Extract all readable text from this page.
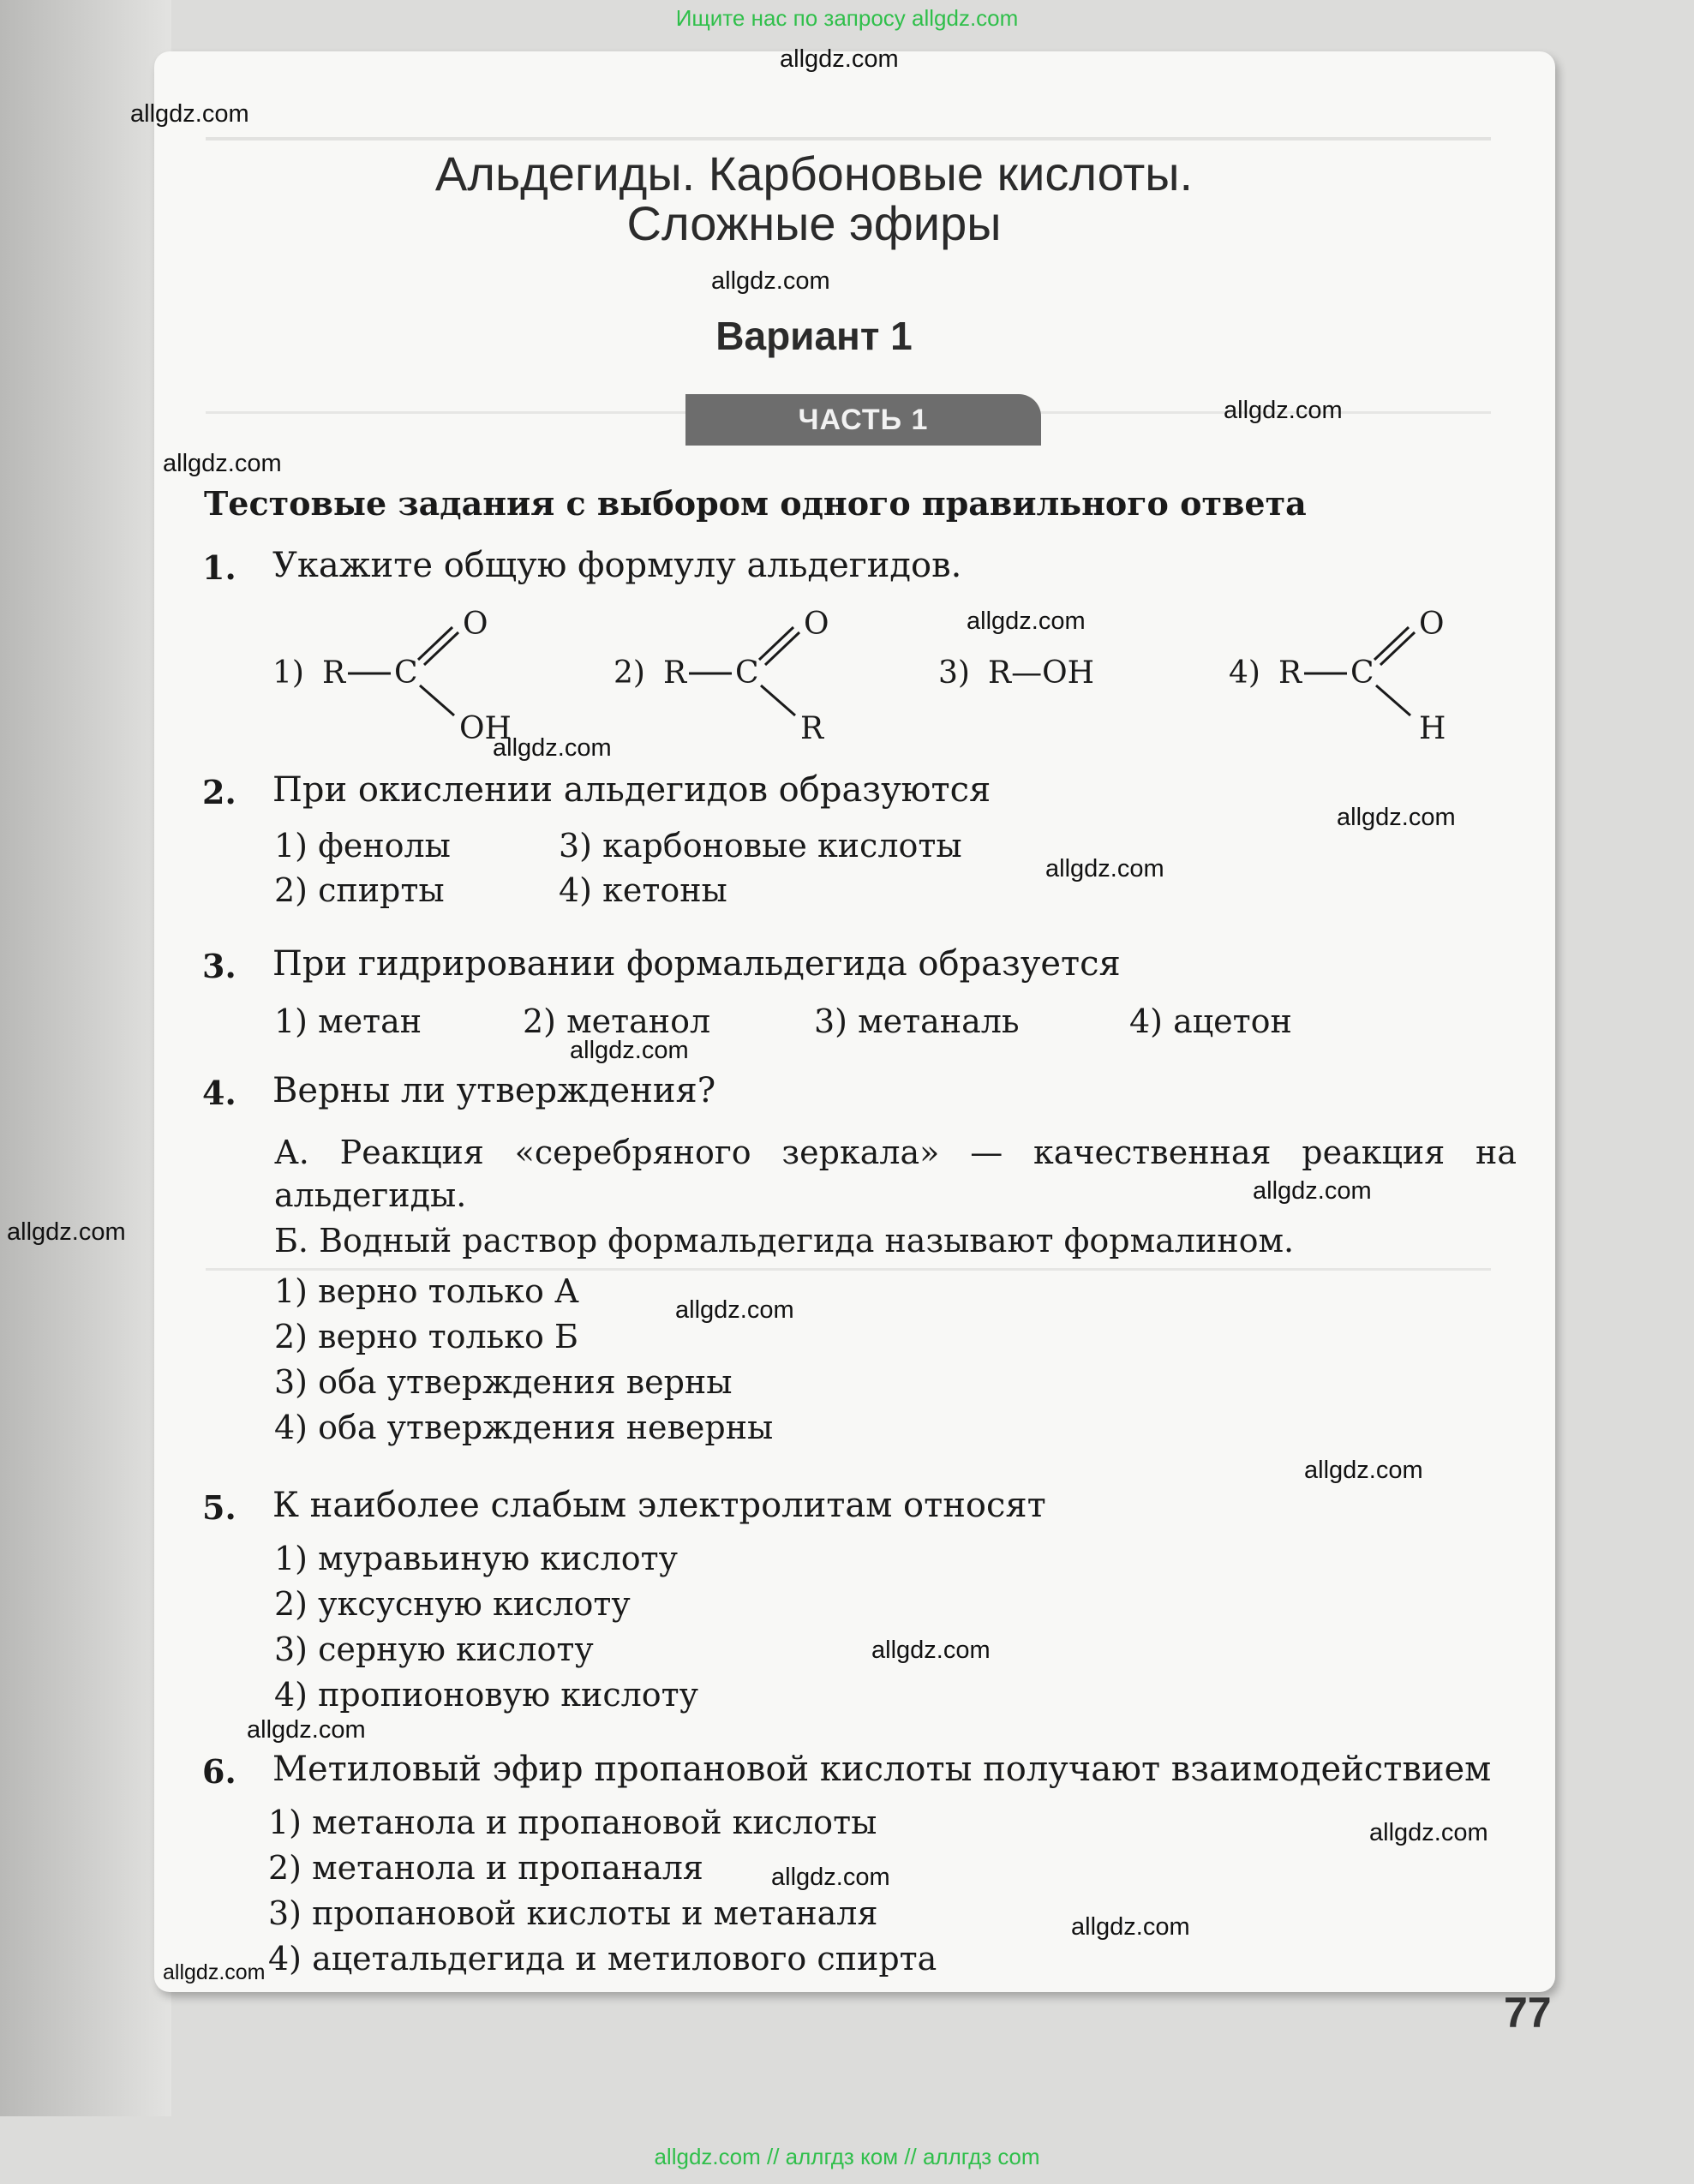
Ищите нас по запросу allgdz.com
Альдегиды. Карбоновые кислоты.
Сложные эфиры
Вариант 1
ЧАСТЬ 1
Тестовые задания с выбором одного правильного ответа
1. Укажите общую формулу альдегидов.
1) R C
O
OH
2) R C
O
R
3) R—OH	4) R C
O
H
2. При окислении альдегидов образуются
1) фенолы	3) карбоновые кислоты
2) спирты	4) кетоны
3. При гидрировании формальдегида образуется
1) метан	2) метанол	3) метаналь	4) ацетон
4. Верны ли утверждения?
А. Реакция «серебряного зеркала» — качественная реакция на
альдегиды.
Б. Водный раствор формальдегида называют формалином.
1) верно только А
2) верно только Б
3) оба утверждения верны
4) оба утверждения неверны
5. К наиболее слабым электролитам относят
1) муравьиную кислоту
2) уксусную кислоту
3) серную кислоту
4) пропионовую кислоту
6. Метиловый эфир пропановой кислоты получают взаимодействием
1) метанола и пропановой кислоты
2) метанола и пропаналя
3) пропановой кислоты и метаналя
4) ацетальдегида и метилового спирта
77
allgdz.com
allgdz.com
allgdz.com
allgdz.com
allgdz.com
allgdz.com
allgdz.com
allgdz.com
allgdz.com
allgdz.com
allgdz.com
allgdz.com
allgdz.com
allgdz.com
allgdz.com
allgdz.com
allgdz.com
allgdz.com
allgdz.com
allgdz.com
allgdz.com // аллгдз ком // аллгдз com
